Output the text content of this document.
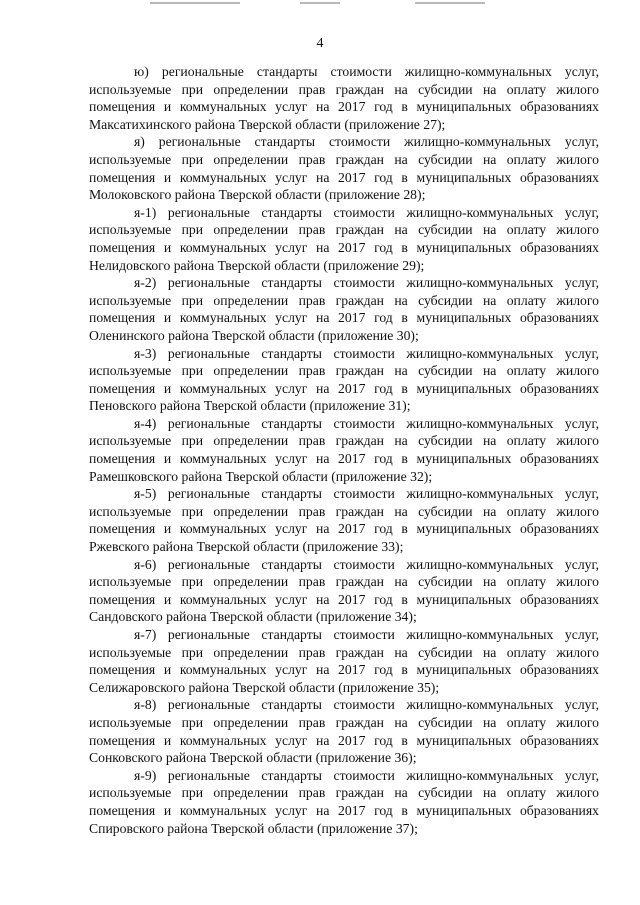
4

ю) региональные стандарты стоимости жилищно-коммунальных услуг, используемые при определении прав граждан на субсидии на оплату жилого помещения и коммунальных услуг на 2017 год в муниципальных образованиях Максатихинского района Тверской области (приложение 27);

я) региональные стандарты стоимости жилищно-коммунальных услуг, используемые при определении прав граждан на субсидии на оплату жилого помещения и коммунальных услуг на 2017 год в муниципальных образованиях Молоковского района Тверской области (приложение 28);

я-1) региональные стандарты стоимости жилищно-коммунальных услуг, используемые при определении прав граждан на субсидии на оплату жилого помещения и коммунальных услуг на 2017 год в муниципальных образованиях Нелидовского района Тверской области (приложение 29);

я-2) региональные стандарты стоимости жилищно-коммунальных услуг, используемые при определении прав граждан на субсидии на оплату жилого помещения и коммунальных услуг на 2017 год в муниципальных образованиях Оленинского района Тверской области (приложение 30);

я-3) региональные стандарты стоимости жилищно-коммунальных услуг, используемые при определении прав граждан на субсидии на оплату жилого помещения и коммунальных услуг на 2017 год в муниципальных образованиях Пеновского района Тверской области (приложение 31);

я-4) региональные стандарты стоимости жилищно-коммунальных услуг, используемые при определении прав граждан на субсидии на оплату жилого помещения и коммунальных услуг на 2017 год в муниципальных образованиях Рамешковского района Тверской области (приложение 32);

я-5) региональные стандарты стоимости жилищно-коммунальных услуг, используемые при определении прав граждан на субсидии на оплату жилого помещения и коммунальных услуг на 2017 год в муниципальных образованиях Ржевского района Тверской области (приложение 33);

я-6) региональные стандарты стоимости жилищно-коммунальных услуг, используемые при определении прав граждан на субсидии на оплату жилого помещения и коммунальных услуг на 2017 год в муниципальных образованиях Сандовского района Тверской области (приложение 34);

я-7) региональные стандарты стоимости жилищно-коммунальных услуг, используемые при определении прав граждан на субсидии на оплату жилого помещения и коммунальных услуг на 2017 год в муниципальных образованиях Селижаровского района Тверской области (приложение 35);

я-8) региональные стандарты стоимости жилищно-коммунальных услуг, используемые при определении прав граждан на субсидии на оплату жилого помещения и коммунальных услуг на 2017 год в муниципальных образованиях Сонковского района Тверской области (приложение 36);

я-9) региональные стандарты стоимости жилищно-коммунальных услуг, используемые при определении прав граждан на субсидии на оплату жилого помещения и коммунальных услуг на 2017 год в муниципальных образованиях Спировского района Тверской области (приложение 37);
